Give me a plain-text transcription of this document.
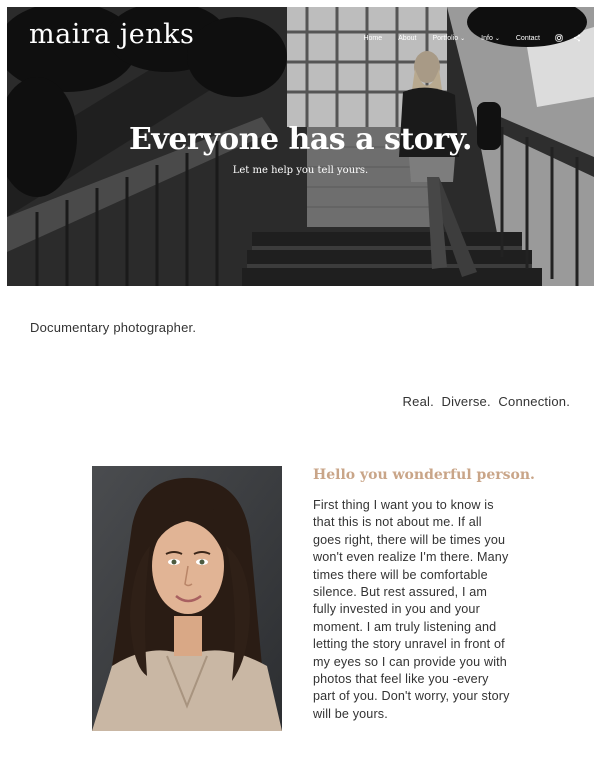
maira jenks	Home	About	Portfolio ⌄	Info ⌄	Contact
Everyone has a story.

Let me help you tell yours.

Documentary photographer.

Real.  Diverse.  Connection.

Hello you wonderful person.

First thing I want you to know is that this is not about me. If all goes right, there will be times you won't even realize I'm there. Many times there will be comfortable silence. But rest assured, I am fully invested in you and your moment. I am truly listening and letting the story unravel in front of my eyes so I can provide you with photos that feel like you -every part of you. Don't worry, your story will be yours.
